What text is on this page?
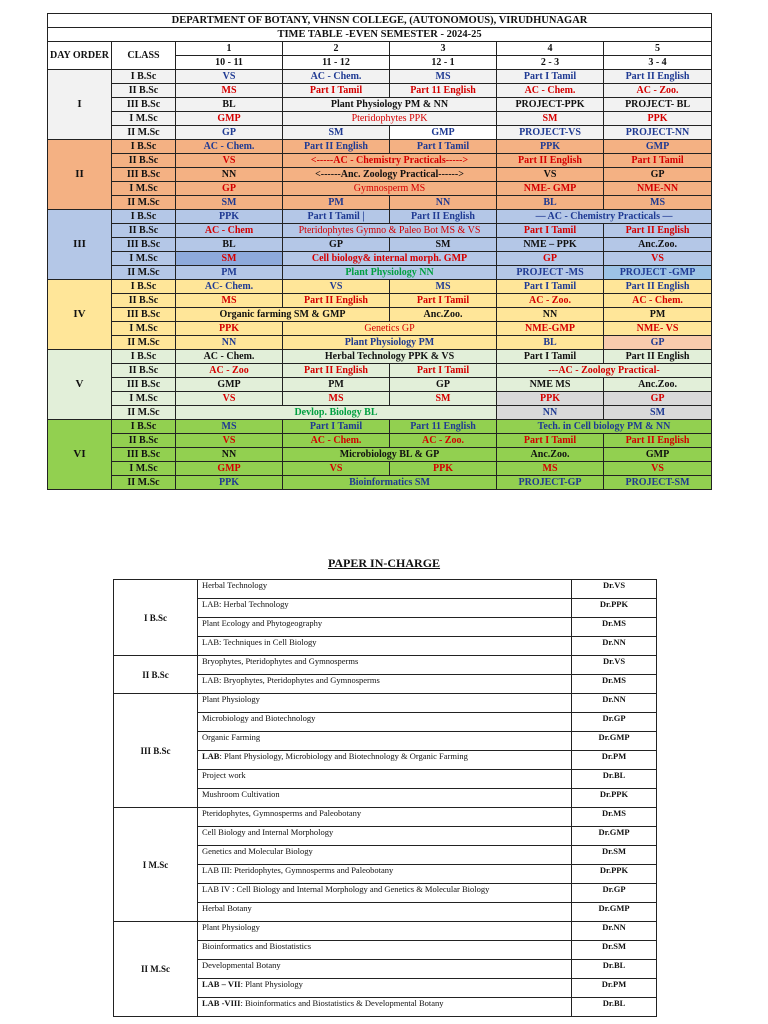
DEPARTMENT OF BOTANY, VHNSN COLLEGE, (AUTONOMOUS), VIRUDHUNAGAR						
TIME TABLE -EVEN SEMESTER - 2024-25						
DAY ORDER	CLASS	1	2	3	4	5
		10 - 11	11 - 12	12 - 1	2 - 3	3 - 4
I	I B.Sc	VS	AC - Chem.	MS	Part I Tamil	Part II English
	II B.Sc	MS	Part I Tamil	Part 11 English	AC - Chem.	AC - Zoo.
	III B.Sc	BL	Plant Physiology PM & NN		PROJECT-PPK	PROJECT- BL
	I M.Sc	GMP	Pteridophytes PPK		SM	PPK
	II M.Sc	GP	SM	GMP	PROJECT-VS	PROJECT-NN
II	I B.Sc	AC - Chem.	Part II English	Part I Tamil	PPK	GMP
	II B.Sc	VS	<-----AC - Chemistry Practicals----->		Part II English	Part I Tamil
	III B.Sc	NN	<------Anc. Zoology Practical------>		VS	GP
	I M.Sc	GP	Gymnosperm MS		NME- GMP	NME-NN
	II M.Sc	SM	PM	NN	BL	MS
III	I B.Sc	PPK	Part I Tamil |	Part II English	— AC - Chemistry Practicals —	
	II B.Sc	AC - Chem	Pteridophytes Gymno & Paleo Bot MS & VS		Part I Tamil	Part II English
	III B.Sc	BL	GP	SM	NME – PPK	Anc.Zoo.
	I M.Sc	SM	Cell biology& internal morph. GMP		GP	VS
	II M.Sc	PM	Plant Physiology NN		PROJECT -MS	PROJECT -GMP
IV	I B.Sc	AC- Chem.	VS	MS	Part I Tamil	Part II English
	II B.Sc	MS	Part II English	Part I Tamil	AC - Zoo.	AC - Chem.
	III B.Sc	Organic farming SM & GMP		Anc.Zoo.	NN	PM
	I M.Sc	PPK	Genetics GP		NME-GMP	NME- VS
	II M.Sc	NN	Plant Physiology PM		BL	GP
V	I B.Sc	AC - Chem.	Herbal Technology PPK & VS		Part I Tamil	Part II English
	II B.Sc	AC - Zoo	Part II English	Part I Tamil	---AC - Zoology Practical-	
	III B.Sc	GMP	PM	GP	NME MS	Anc.Zoo.
	I M.Sc	VS	MS	SM	PPK	GP
	II M.Sc	Devlop. Biology BL			NN	SM
VI	I B.Sc	MS	Part I Tamil	Part 11 English	Tech. in Cell biology PM & NN	
	II B.Sc	VS	AC - Chem.	AC - Zoo.	Part I Tamil	Part II English
	III B.Sc	NN	Microbiology BL & GP		Anc.Zoo.	GMP
	I M.Sc	GMP	VS	PPK	MS	VS
	II M.Sc	PPK	Bioinformatics SM		PROJECT-GP	PROJECT-SM
PAPER IN-CHARGE
I B.Sc	Herbal Technology	Dr.VS
	LAB: Herbal Technology	Dr.PPK
	Plant Ecology and Phytogeography	Dr.MS
	LAB: Techniques in Cell Biology	Dr.NN
II B.Sc	Bryophytes, Pteridophytes and Gymnosperms	Dr.VS
	LAB: Bryophytes, Pteridophytes and Gymnosperms	Dr.MS
III B.Sc	Plant Physiology	Dr.NN
	Microbiology and Biotechnology	Dr.GP
	Organic Farming	Dr.GMP
	LAB: Plant Physiology, Microbiology and Biotechnology & Organic Farming	Dr.PM
	Project work	Dr.BL
	Mushroom Cultivation	Dr.PPK
I M.Sc	Pteridophytes, Gymnosperms and Paleobotany	Dr.MS
	Cell Biology and Internal Morphology	Dr.GMP
	Genetics and Molecular Biology	Dr.SM
	LAB III: Pteridophytes, Gymnosperms and Paleobotany	Dr.PPK
	LAB IV : Cell Biology and Internal Morphology and Genetics & Molecular Biology	Dr.GP
	Herbal Botany	Dr.GMP
II M.Sc	Plant Physiology	Dr.NN
	Bioinformatics and Biostatistics	Dr.SM
	Developmental Botany	Dr.BL
	LAB – VII: Plant Physiology	Dr.PM
	LAB -VIII: Bioinformatics and Biostatistics & Developmental Botany	Dr.BL
